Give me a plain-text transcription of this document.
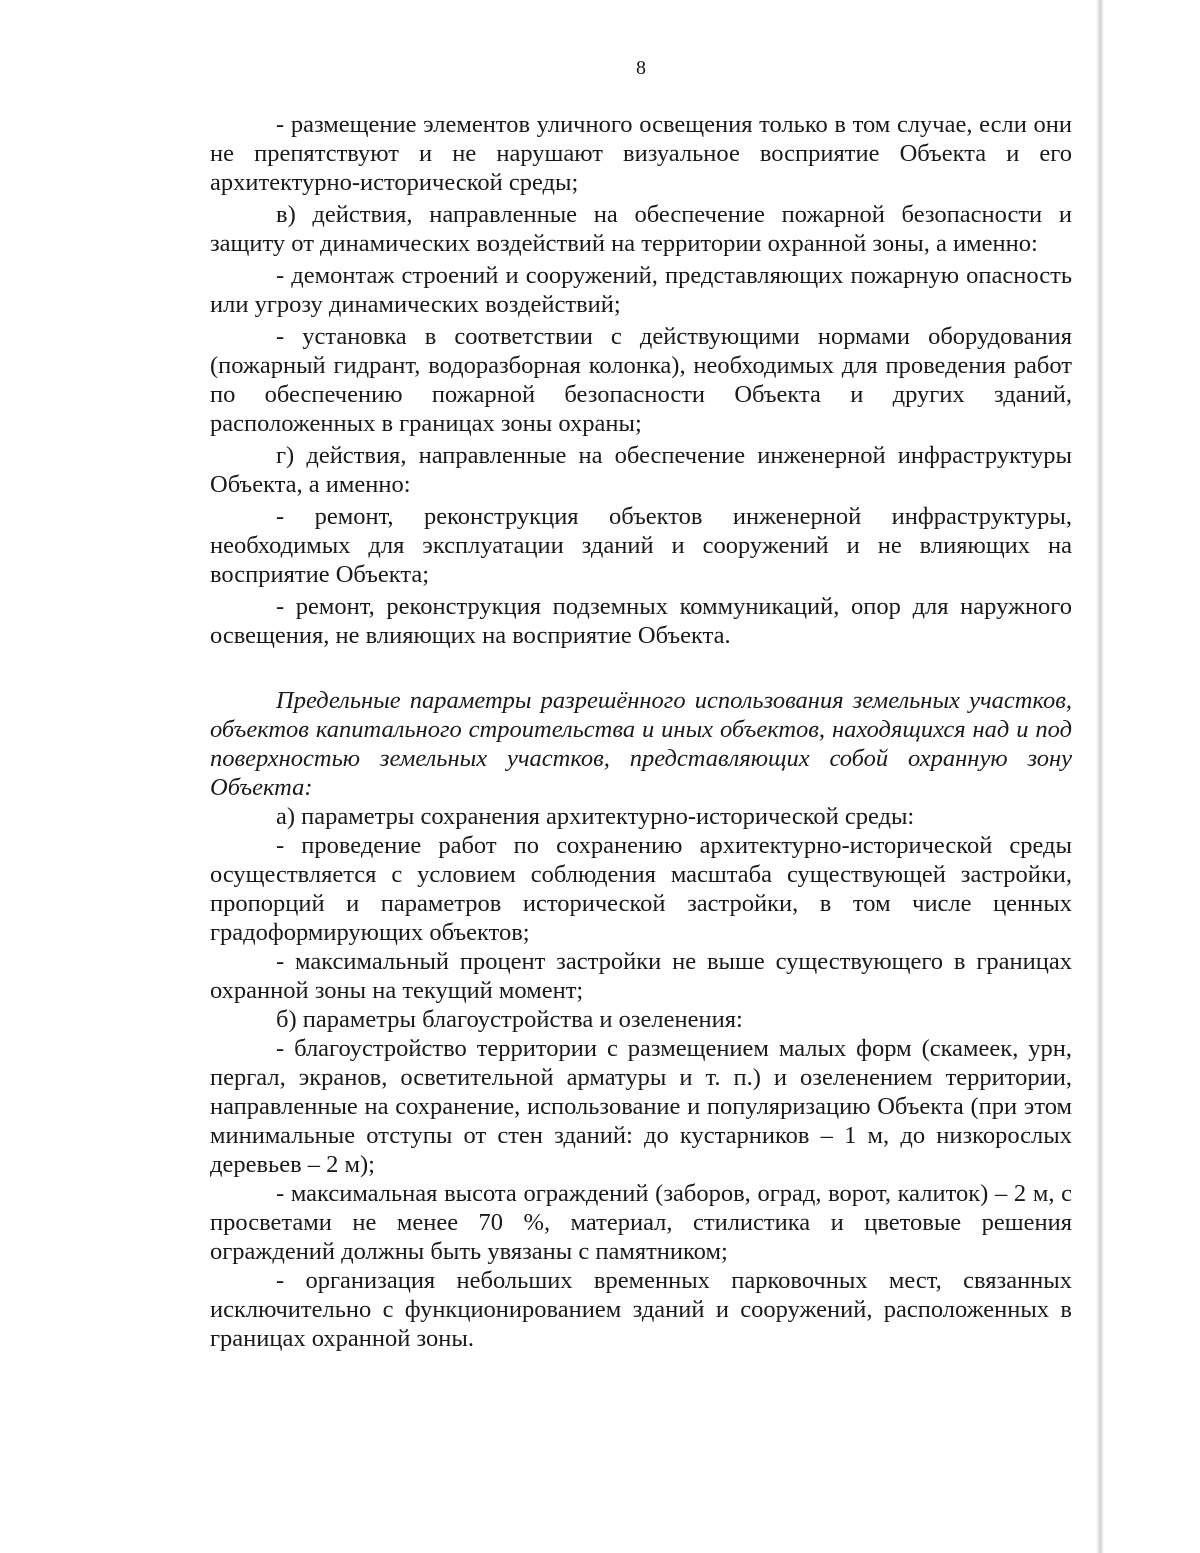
8

- размещение элементов уличного освещения только в том случае, если они не препятствуют и не нарушают визуальное восприятие Объекта и его архитектурно-исторической среды;

в) действия, направленные на обеспечение пожарной безопасности и защиту от динамических воздействий на территории охранной зоны, а именно:

- демонтаж строений и сооружений, представляющих пожарную опасность или угрозу динамических воздействий;

- установка в соответствии с действующими нормами оборудования (пожарный гидрант, водоразборная колонка), необходимых для проведения работ по обеспечению пожарной безопасности Объекта и других зданий, расположенных в границах зоны охраны;

г) действия, направленные на обеспечение инженерной инфраструктуры Объекта, а именно:

- ремонт, реконструкция объектов инженерной инфраструктуры, необходимых для эксплуатации зданий и сооружений и не влияющих на восприятие Объекта;

- ремонт, реконструкция подземных коммуникаций, опор для наружного освещения, не влияющих на восприятие Объекта.

Предельные параметры разрешённого использования земельных участков, объектов капитального строительства и иных объектов, находящихся над и под поверхностью земельных участков, представляющих собой охранную зону Объекта:

а) параметры сохранения архитектурно-исторической среды:

- проведение работ по сохранению архитектурно-исторической среды осуществляется с условием соблюдения масштаба существующей застройки, пропорций и параметров исторической застройки, в том числе ценных градоформирующих объектов;

- максимальный процент застройки не выше существующего в границах охранной зоны на текущий момент;

б) параметры благоустройства и озеленения:

- благоустройство территории с размещением малых форм (скамеек, урн, пергал, экранов, осветительной арматуры и т. п.) и озеленением территории, направленные на сохранение, использование и популяризацию Объекта (при этом минимальные отступы от стен зданий: до кустарников – 1 м, до низкорослых деревьев – 2 м);

- максимальная высота ограждений (заборов, оград, ворот, калиток) – 2 м, с просветами не менее 70 %, материал, стилистика и цветовые решения ограждений должны быть увязаны с памятником;

- организация небольших временных парковочных мест, связанных исключительно с функционированием зданий и сооружений, расположенных в границах охранной зоны.
